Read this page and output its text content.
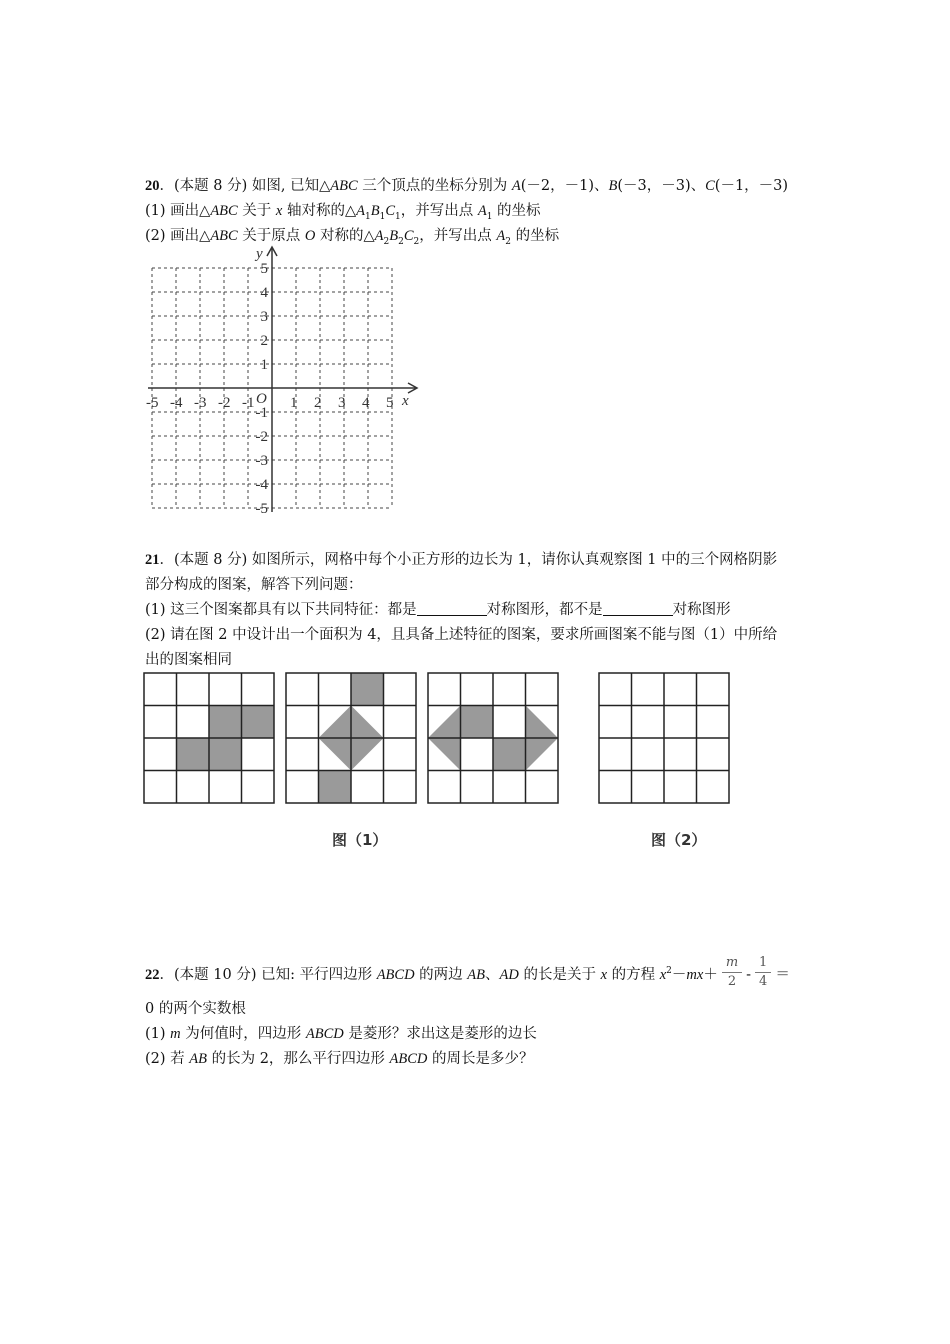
20．(本题 8 分) 如图, 已知△ABC 三个顶点的坐标分别为 A(－2，－1)、B(－3，－3)、C(－1，－3)
(1) 画出△ABC 关于 x 轴对称的$\triangle A_1B_1C_1$，并写出点 $A_1$ 的坐标
(2) 画出△ABC 关于原点 O 对称的$\triangle A_2B_2C_2$，并写出点 $A_2$ 的坐标
-5 -4 -3 -2 -1 1 2 3 4 5
5
4
3
2
1
-1
-2
-3
-4
-5
O	x
y
21．(本题 8 分) 如图所示，网格中每个小正方形的边长为 1，请你认真观察图 1 中的三个网格阴影
部分构成的图案，解答下列问题：
(1) 这三个图案都具有以下共同特征：都是	对称图形，都不是	对称图形
(2) 请在图 2 中设计出一个面积为 4，且具备上述特征的图案，要求所画图案不能与图（1）中所给
出的图案相同
图（1）	图（2）
22．(本题 10 分) 已知: 平行四边形 ABCD 的两边 AB、AD 的长是关于 x 的方程 $x^2-mx+ \frac{m}{2} - \frac{1}{4}$ ＝
0 的两个实数根
(1) m 为何值时，四边形 ABCD 是菱形？求出这是菱形的边长
(2) 若 AB 的长为 2，那么平行四边形 ABCD 的周长是多少？
